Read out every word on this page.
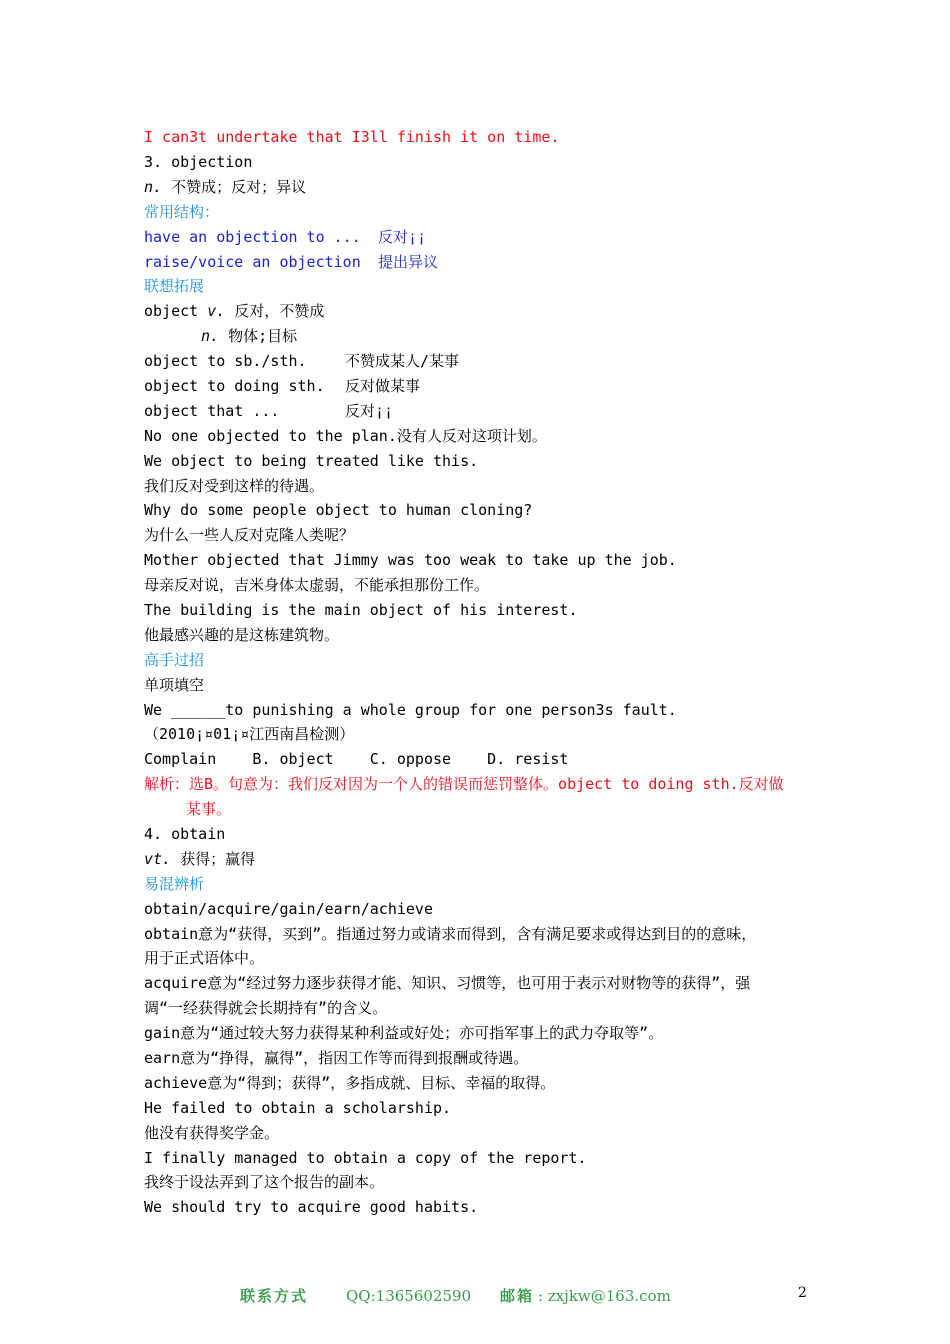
I can3t undertake that I3ll finish it on time.
3. objection
n. 不赞成；反对；异议
常用结构：
have an objection to ... 反对¡¡
raise/voice an objection 提出异议
联想拓展
object v. 反对，不赞成
n. 物体;目标
object to sb./sth.	不赞成某人/某事
object to doing sth. 反对做某事
object that ...	反对¡¡
No one objected to the plan.没有人反对这项计划。
We object to being treated like this.
我们反对受到这样的待遇。
Why do some people object to human cloning?
为什么一些人反对克隆人类呢？
Mother objected that Jimmy was too weak to take up the job.
母亲反对说，吉米身体太虚弱，不能承担那份工作。
The building is the main object of his interest.
他最感兴趣的是这栋建筑物。
高手过招
单项填空
We ______to punishing a whole group for one person3s fault.
（2010¡¤01¡¤江西南昌检测）
Complain    B. object    C. oppose    D. resist
解析：选B。句意为：我们反对因为一个人的错误而惩罚整体。object to doing sth.反对做
某事。
4. obtain
vt. 获得；赢得
易混辨析
obtain/acquire/gain/earn/achieve
obtain意为“获得，买到”。指通过努力或请求而得到，含有满足要求或得达到目的的意味，
用于正式语体中。
acquire意为“经过努力逐步获得才能、知识、习惯等，也可用于表示对财物等的获得”，强
调“一经获得就会长期持有”的含义。
gain意为“通过较大努力获得某种利益或好处；亦可指军事上的武力夺取等”。
earn意为“挣得，赢得”，指因工作等而得到报酬或待遇。
achieve意为“得到；获得”，多指成就、目标、幸福的取得。
He failed to obtain a scholarship.
他没有获得奖学金。
I finally managed to obtain a copy of the report.
我终于设法弄到了这个报告的副本。
We should try to acquire good habits.
联系方式	QQ:1365602590 邮箱 : zxjkw@163.com	2
